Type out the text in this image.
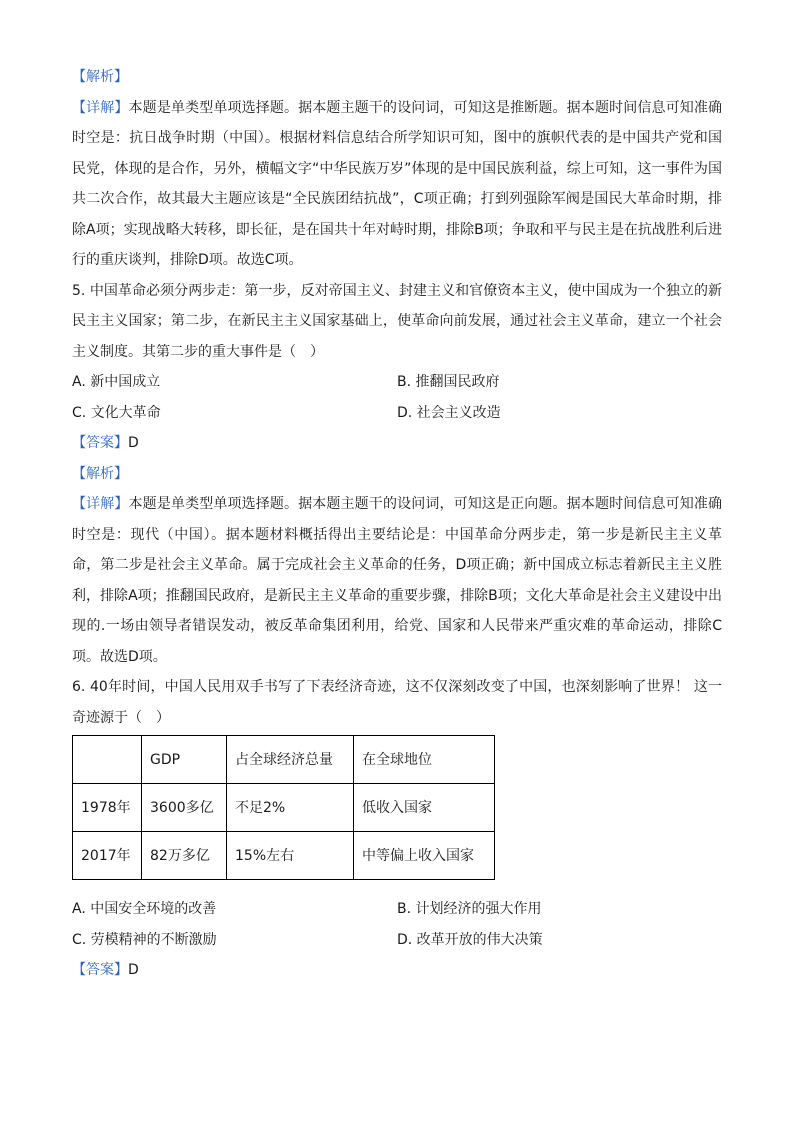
【解析】

【详解】本题是单类型单项选择题。据本题主题干的设问词，可知这是推断题。据本题时间信息可知准确时空是：抗日战争时期（中国）。根据材料信息结合所学知识可知，图中的旗帜代表的是中国共产党和国民党，体现的是合作，另外，横幅文字“中华民族万岁”体现的是中国民族利益，综上可知，这一事件为国共二次合作，故其最大主题应该是“全民族团结抗战”，C项正确；打到列强除军阀是国民大革命时期，排除A项；实现战略大转移，即长征，是在国共十年对峙时期，排除B项；争取和平与民主是在抗战胜利后进行的重庆谈判，排除D项。故选C项。

5. 中国革命必须分两步走：第一步，反对帝国主义、封建主义和官僚资本主义，使中国成为一个独立的新民主主义国家；第二步，在新民主主义国家基础上，使革命向前发展，通过社会主义革命，建立一个社会主义制度。其第二步的重大事件是（　）

A. 新中国成立	B. 推翻国民政府
C. 文化大革命	D. 社会主义改造

【答案】D

【解析】

【详解】本题是单类型单项选择题。据本题主题干的设问词，可知这是正向题。据本题时间信息可知准确时空是：现代（中国）。据本题材料概括得出主要结论是：中国革命分两步走，第一步是新民主主义革命，第二步是社会主义革命。属于完成社会主义革命的任务，D项正确；新中国成立标志着新民主主义胜利，排除A项；推翻国民政府，是新民主主义革命的重要步骤，排除B项；文化大革命是社会主义建设中出现的.一场由领导者错误发动，被反革命集团利用，给党、国家和人民带来严重灾难的革命运动，排除C项。故选D项。

6. 40年时间，中国人民用双手书写了下表经济奇迹，这不仅深刻改变了中国，也深刻影响了世界！ 这一奇迹源于（　）

	GDP	占全球经济总量	在全球地位
1978年	3600多亿	不足2%	低收入国家
2017年	82万多亿	15%左右	中等偏上收入国家
A. 中国安全环境的改善	B. 计划经济的强大作用
C. 劳模精神的不断激励	D. 改革开放的伟大决策

【答案】D
